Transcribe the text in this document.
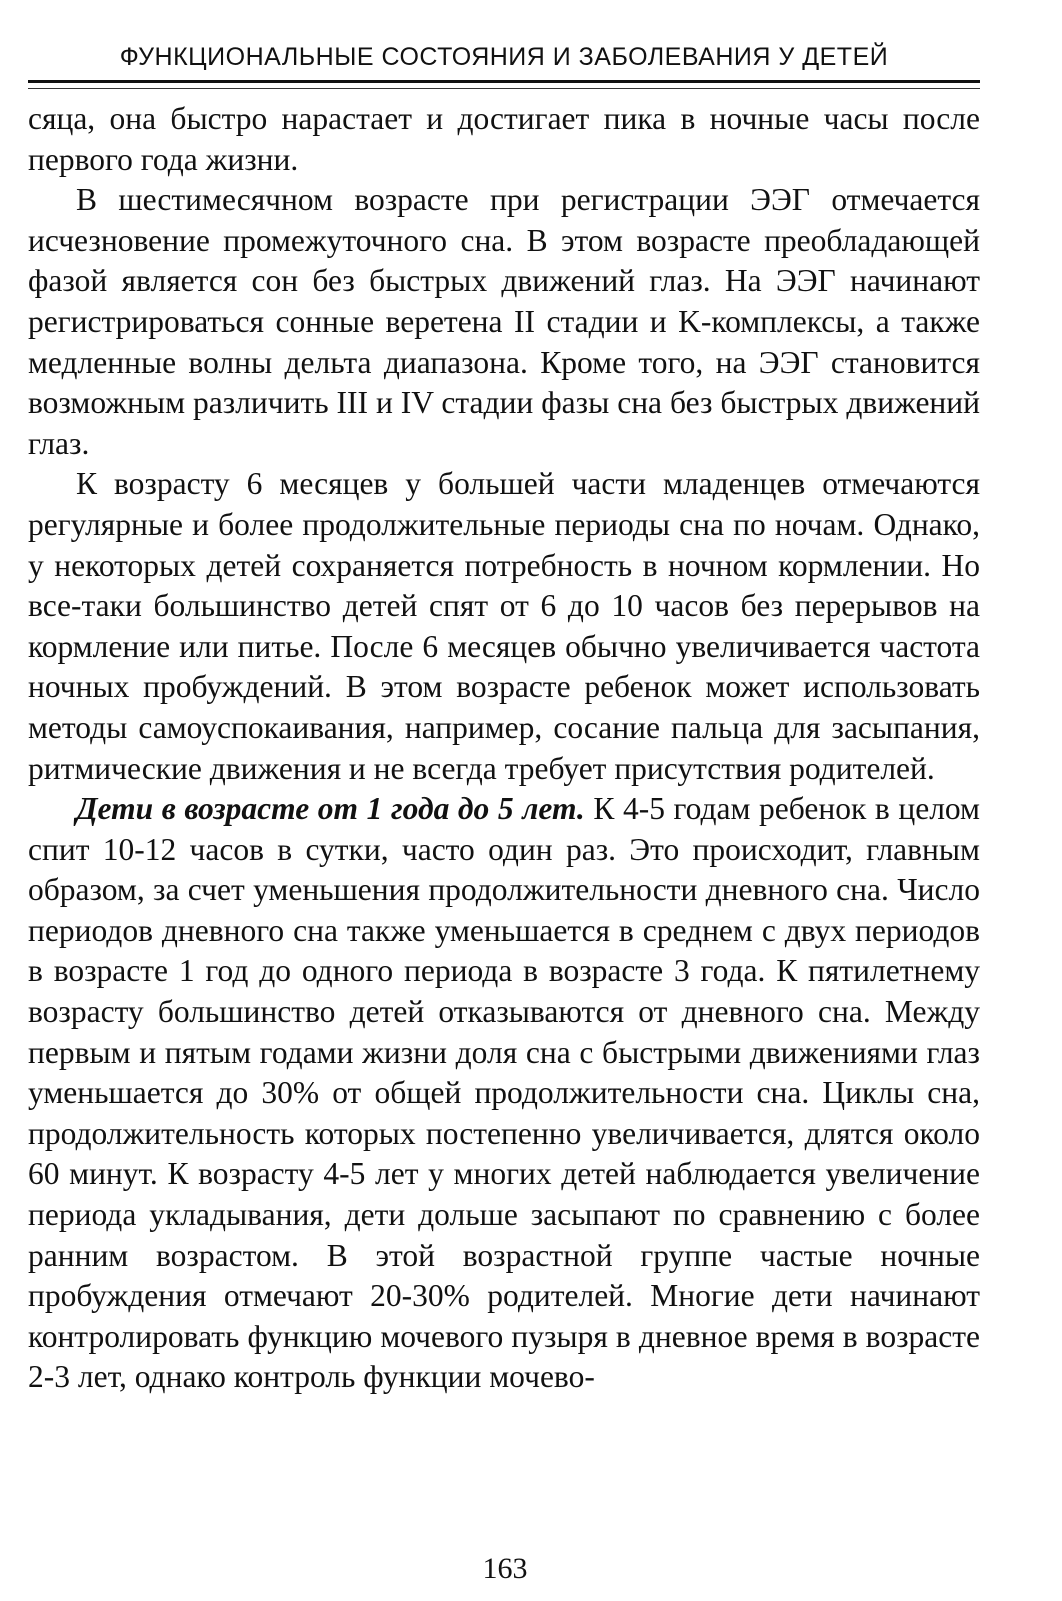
ФУНКЦИОНАЛЬНЫЕ СОСТОЯНИЯ И ЗАБОЛЕВАНИЯ У ДЕТЕЙ

сяца, она быстро нарастает и достигает пика в ночные часы после первого года жизни.

В шестимесячном возрасте при регистрации ЭЭГ отмечается исчезновение промежуточного сна. В этом возрасте преобладающей фазой является сон без быстрых движений глаз. На ЭЭГ начинают регистрироваться сонные веретена II стадии и K-комплексы, а также медленные волны дельта диапазона. Кроме того, на ЭЭГ становится возможным различить III и IV стадии фазы сна без быстрых движений глаз.

К возрасту 6 месяцев у большей части младенцев отмечаются регулярные и более продолжительные периоды сна по ночам. Однако, у некоторых детей сохраняется потребность в ночном кормлении. Но все-таки большинство детей спят от 6 до 10 часов без перерывов на кормление или питье. После 6 месяцев обычно увеличивается частота ночных пробуждений. В этом возрасте ребенок может использовать методы самоуспокаивания, например, сосание пальца для засыпания, ритмические движения и не всегда требует присутствия родителей.

Дети в возрасте от 1 года до 5 лет. К 4-5 годам ребенок в целом спит 10-12 часов в сутки, часто один раз. Это происходит, главным образом, за счет уменьшения продолжительности дневного сна. Число периодов дневного сна также уменьшается в среднем с двух периодов в возрасте 1 год до одного периода в возрасте 3 года. К пятилетнему возрасту большинство детей отказываются от дневного сна. Между первым и пятым годами жизни доля сна с быстрыми движениями глаз уменьшается до 30% от общей продолжительности сна. Циклы сна, продолжительность которых постепенно увеличивается, длятся около 60 минут. К возрасту 4-5 лет у многих детей наблюдается увеличение периода укладывания, дети дольше засыпают по сравнению с более ранним возрастом. В этой возрастной группе частые ночные пробуждения отмечают 20-30% родителей. Многие дети начинают контролировать функцию мочевого пузыря в дневное время в возрасте 2-3 лет, однако контроль функции мочево-

163
